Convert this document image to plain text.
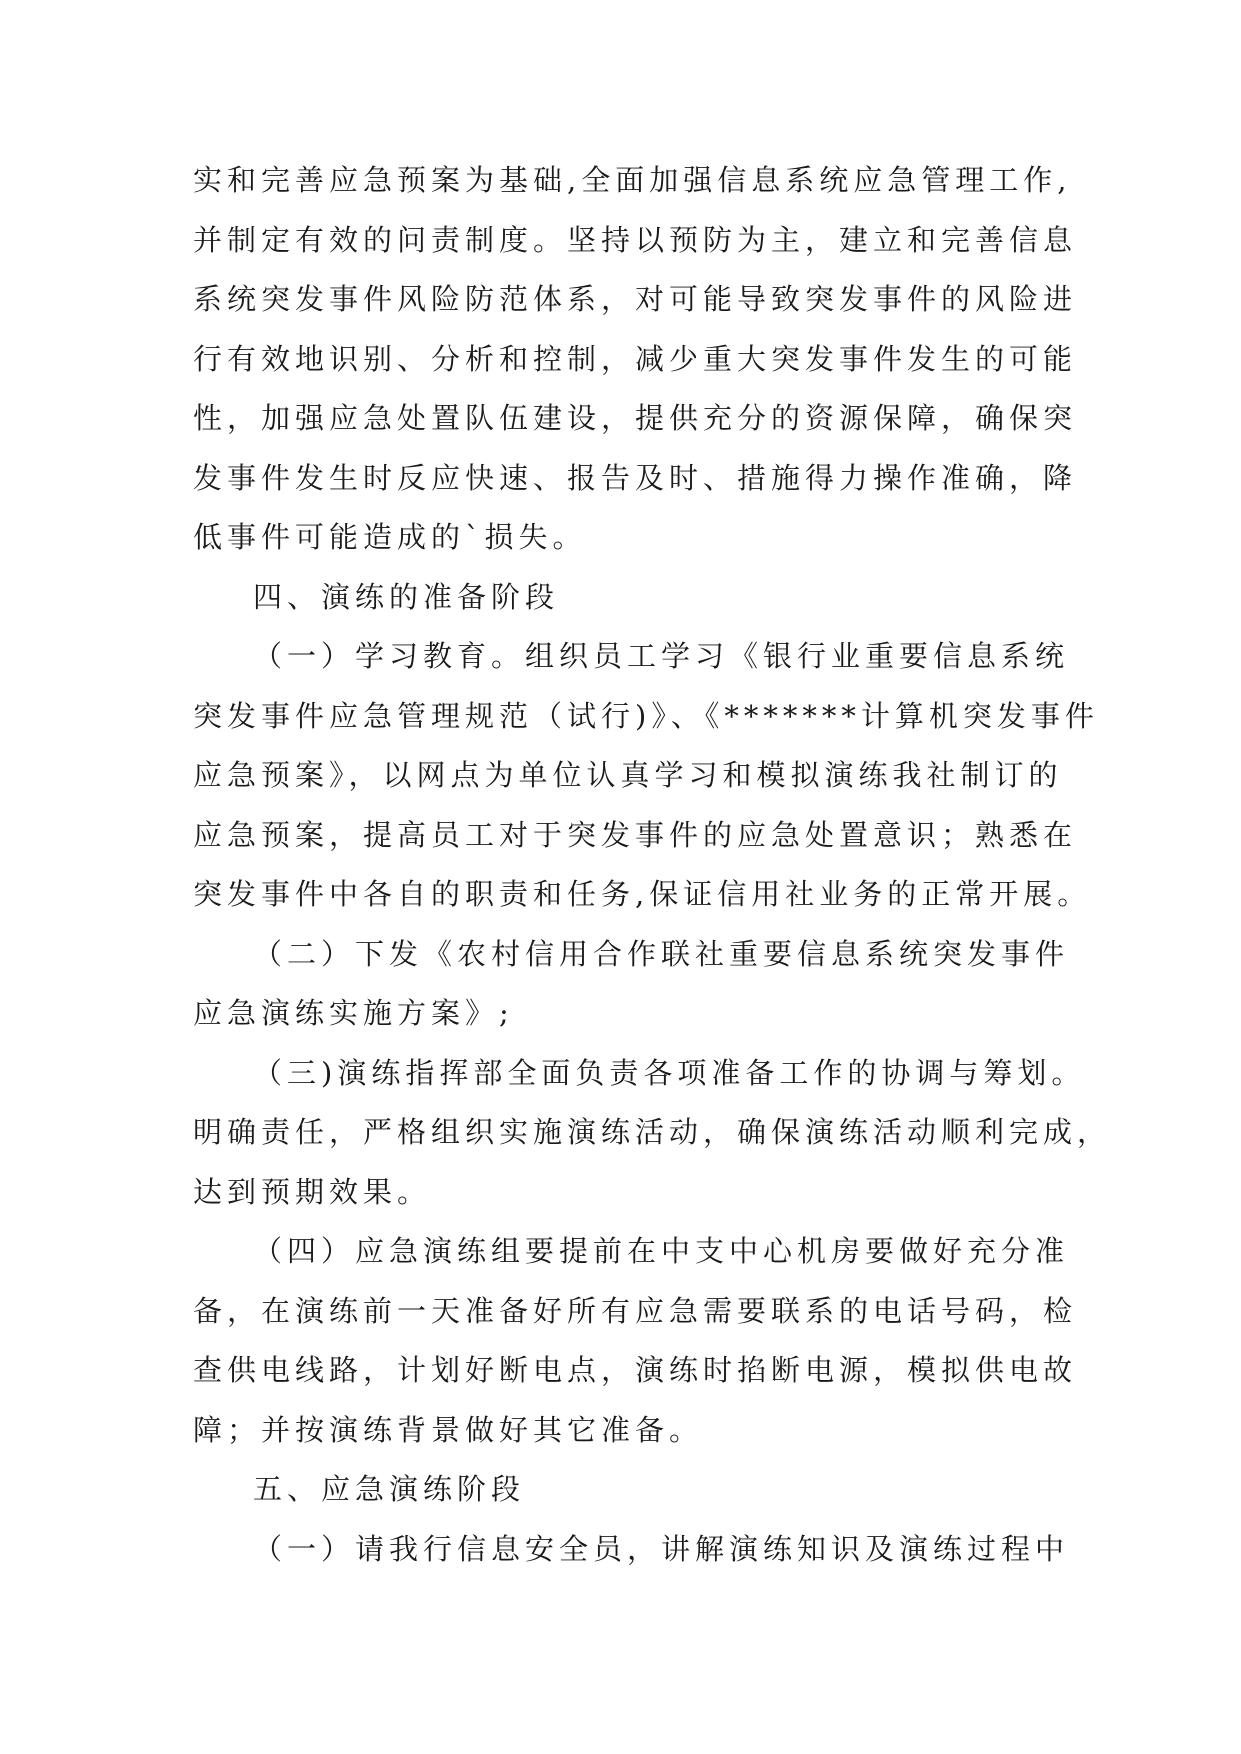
实和完善应急预案为基础,全面加强信息系统应急管理工作,
并制定有效的问责制度。坚持以预防为主，建立和完善信息
系统突发事件风险防范体系，对可能导致突发事件的风险进
行有效地识别、分析和控制，减少重大突发事件发生的可能
性，加强应急处置队伍建设，提供充分的资源保障，确保突
发事件发生时反应快速、报告及时、措施得力操作准确，降
低事件可能造成的`损失。
四、演练的准备阶段
（一）学习教育。组织员工学习《银行业重要信息系统
突发事件应急管理规范（试行)》、《*******计算机突发事件
应急预案》，以网点为单位认真学习和模拟演练我社制订的
应急预案，提高员工对于突发事件的应急处置意识；熟悉在
突发事件中各自的职责和任务,保证信用社业务的正常开展。
（二）下发《农村信用合作联社重要信息系统突发事件
应急演练实施方案》;
（三)演练指挥部全面负责各项准备工作的协调与筹划。
明确责任，严格组织实施演练活动，确保演练活动顺利完成，
达到预期效果。
（四）应急演练组要提前在中支中心机房要做好充分准
备，在演练前一天准备好所有应急需要联系的电话号码，检
查供电线路，计划好断电点，演练时掐断电源，模拟供电故
障；并按演练背景做好其它准备。
五、应急演练阶段
（一）请我行信息安全员，讲解演练知识及演练过程中
